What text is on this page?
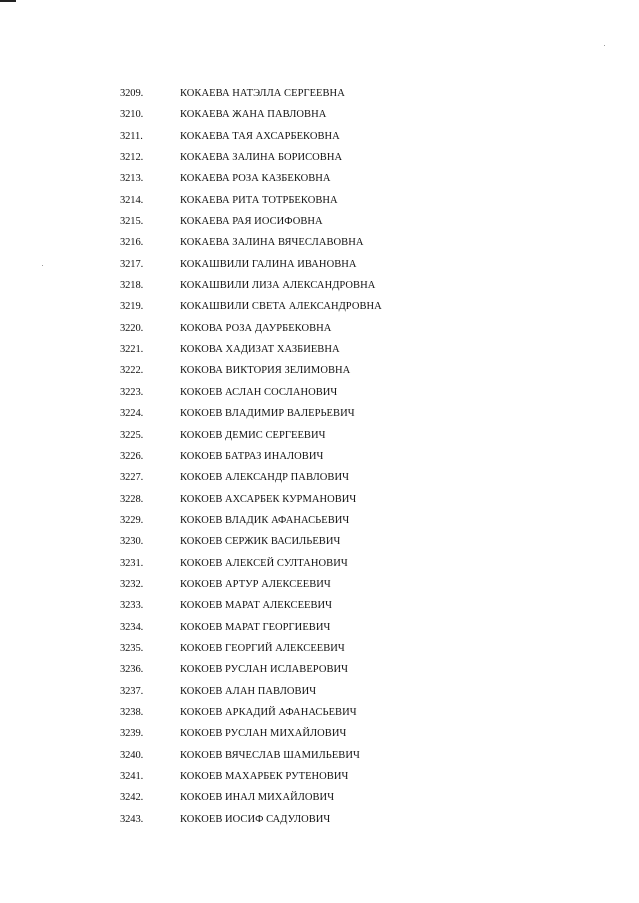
3209.	КОКАЕВА НАТЭЛЛА СЕРГЕЕВНА
3210.	КОКАЕВА ЖАНА ПАВЛОВНА
3211.	КОКАЕВА ТАЯ АХСАРБЕКОВНА
3212.	КОКАЕВА ЗАЛИНА БОРИСОВНА
3213.	КОКАЕВА РОЗА КАЗБЕКОВНА
3214.	КОКАЕВА РИТА ТОТРБЕКОВНА
3215.	КОКАЕВА РАЯ ИОСИФОВНА
3216.	КОКАЕВА ЗАЛИНА ВЯЧЕСЛАВОВНА
3217.	КОКАШВИЛИ ГАЛИНА ИВАНОВНА
3218.	КОКАШВИЛИ ЛИЗА АЛЕКСАНДРОВНА
3219.	КОКАШВИЛИ СВЕТА АЛЕКСАНДРОВНА
3220.	КОКОВА РОЗА ДАУРБЕКОВНА
3221.	КОКОВА ХАДИЗАТ ХАЗБИЕВНА
3222.	КОКОВА ВИКТОРИЯ ЗЕЛИМОВНА
3223.	КОКОЕВ АСЛАН СОСЛАНОВИЧ
3224.	КОКОЕВ ВЛАДИМИР ВАЛЕРЬЕВИЧ
3225.	КОКОЕВ ДЕМИС СЕРГЕЕВИЧ
3226.	КОКОЕВ БАТРАЗ ИНАЛОВИЧ
3227.	КОКОЕВ АЛЕКСАНДР ПАВЛОВИЧ
3228.	КОКОЕВ АХСАРБЕК КУРМАНОВИЧ
3229.	КОКОЕВ ВЛАДИК АФАНАСЬЕВИЧ
3230.	КОКОЕВ СЕРЖИК ВАСИЛЬЕВИЧ
3231.	КОКОЕВ АЛЕКСЕЙ СУЛТАНОВИЧ
3232.	КОКОЕВ АРТУР АЛЕКСЕЕВИЧ
3233.	КОКОЕВ МАРАТ АЛЕКСЕЕВИЧ
3234.	КОКОЕВ МАРАТ ГЕОРГИЕВИЧ
3235.	КОКОЕВ ГЕОРГИЙ АЛЕКСЕЕВИЧ
3236.	КОКОЕВ РУСЛАН ИСЛАВЕРОВИЧ
3237.	КОКОЕВ АЛАН ПАВЛОВИЧ
3238.	КОКОЕВ АРКАДИЙ АФАНАСЬЕВИЧ
3239.	КОКОЕВ РУСЛАН МИХАЙЛОВИЧ
3240.	КОКОЕВ ВЯЧЕСЛАВ ШАМИЛЬЕВИЧ
3241.	КОКОЕВ МАХАРБЕК РУТЕНОВИЧ
3242.	КОКОЕВ ИНАЛ МИХАЙЛОВИЧ
3243.	КОКОЕВ ИОСИФ САДУЛОВИЧ
